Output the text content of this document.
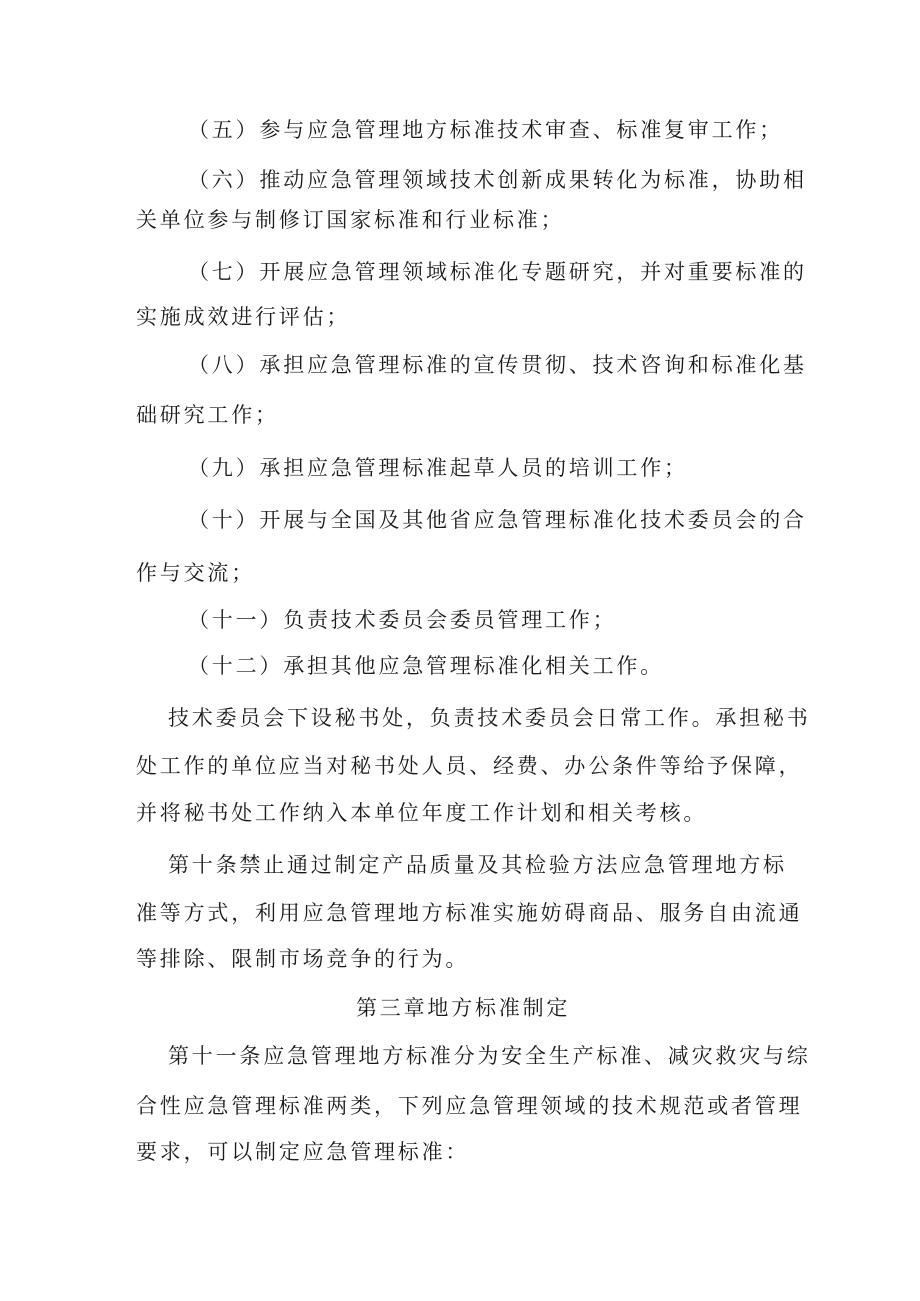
（五）参与应急管理地方标准技术审查、标准复审工作；
（六）推动应急管理领域技术创新成果转化为标准，协助相
关单位参与制修订国家标准和行业标准；
（七）开展应急管理领域标准化专题研究，并对重要标准的
实施成效进行评估；
（八）承担应急管理标准的宣传贯彻、技术咨询和标准化基
础研究工作；
（九）承担应急管理标准起草人员的培训工作；
（十）开展与全国及其他省应急管理标准化技术委员会的合
作与交流；
（十一）负责技术委员会委员管理工作；
（十二）承担其他应急管理标准化相关工作。
技术委员会下设秘书处，负责技术委员会日常工作。承担秘书
处工作的单位应当对秘书处人员、经费、办公条件等给予保障，
并将秘书处工作纳入本单位年度工作计划和相关考核。
第十条禁止通过制定产品质量及其检验方法应急管理地方标
准等方式，利用应急管理地方标准实施妨碍商品、服务自由流通
等排除、限制市场竞争的行为。
第三章地方标准制定
第十一条应急管理地方标准分为安全生产标准、减灾救灾与综
合性应急管理标准两类，下列应急管理领域的技术规范或者管理
要求，可以制定应急管理标准：
